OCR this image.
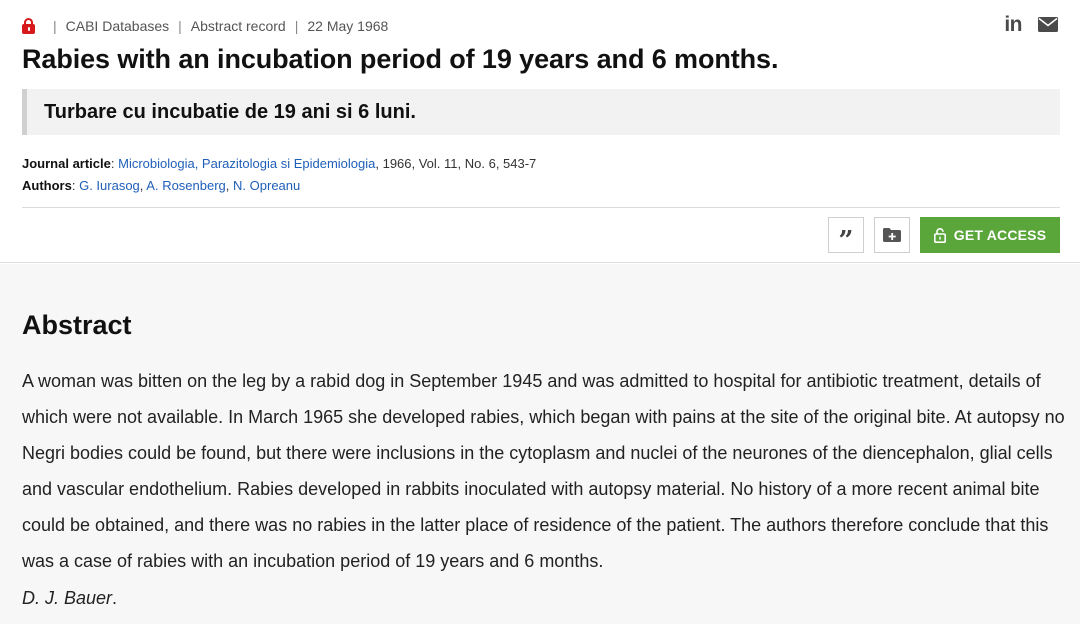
| CABI Databases | Abstract record | 22 May 1968	in
Rabies with an incubation period of 19 years and 6 months.
Turbare cu incubatie de 19 ani si 6 luni.
Journal article: Microbiologia, Parazitologia si Epidemiologia, 1966, Vol. 11, No. 6, 543-7
Authors: G. Iurasog, A. Rosenberg, N. Opreanu
”	GET ACCESS
Abstract

A woman was bitten on the leg by a rabid dog in September 1945 and was admitted to hospital for antibiotic treatment, details of which were not available. In March 1965 she developed rabies, which began with pains at the site of the original bite. At autopsy no Negri bodies could be found, but there were inclusions in the cytoplasm and nuclei of the neurones of the diencephalon, glial cells and vascular endothelium. Rabies developed in rabbits inoculated with autopsy material. No history of a more recent animal bite could be obtained, and there was no rabies in the latter place of residence of the patient. The authors therefore conclude that this was a case of rabies with an incubation period of 19 years and 6 months.

D. J. Bauer.
